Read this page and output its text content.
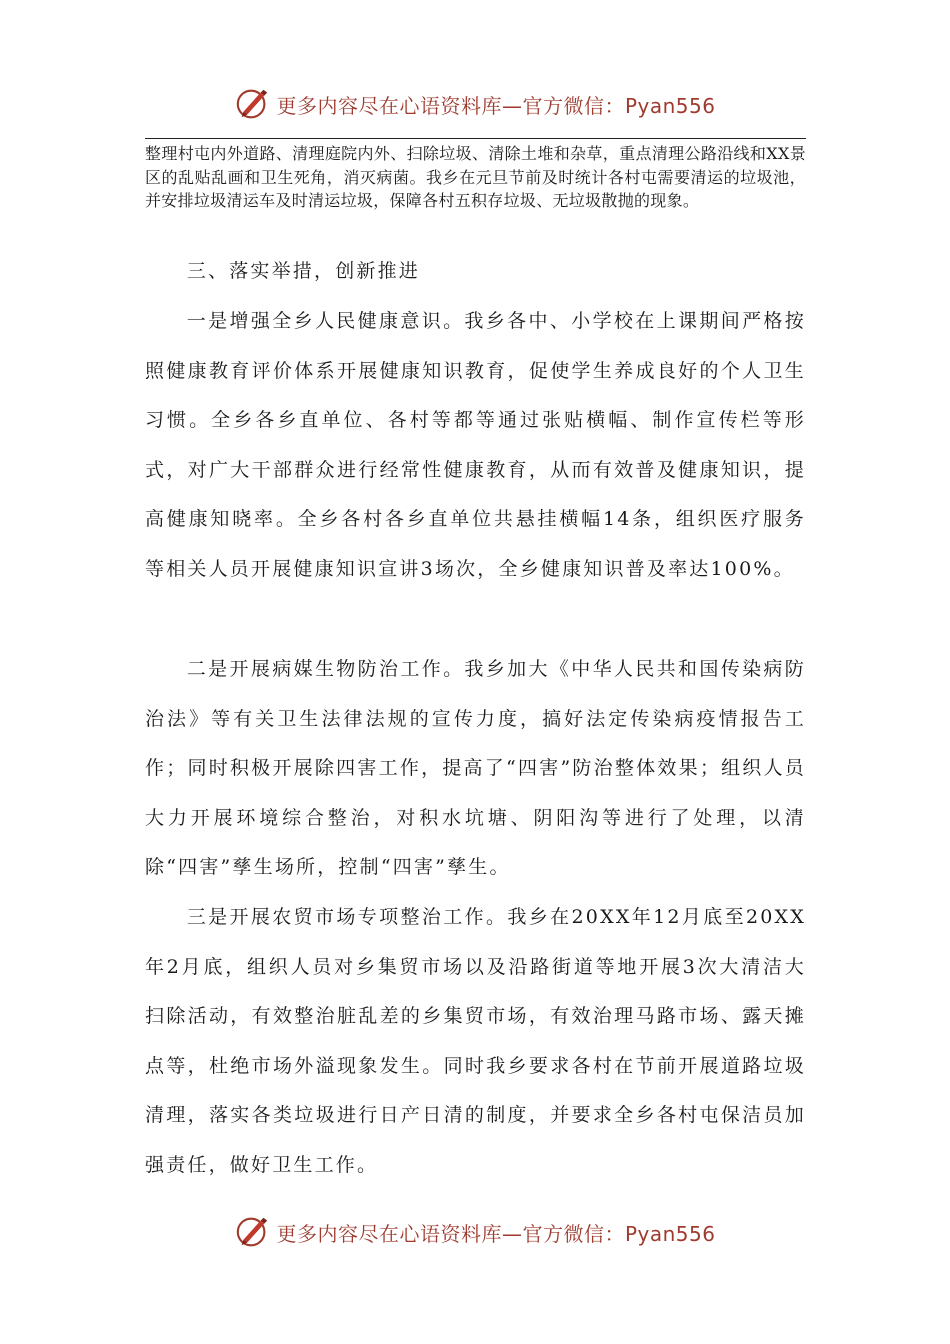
更多内容尽在心语资料库—官方微信：Pyan556

整理村屯内外道路、清理庭院内外、扫除垃圾、清除土堆和杂草，重点清理公路沿线和XX景区的乱贴乱画和卫生死角，消灭病菌。我乡在元旦节前及时统计各村屯需要清运的垃圾池，并安排垃圾清运车及时清运垃圾，保障各村五积存垃圾、无垃圾散抛的现象。

三、落实举措，创新推进

一是增强全乡人民健康意识。我乡各中、小学校在上课期间严格按照健康教育评价体系开展健康知识教育，促使学生养成良好的个人卫生习惯。全乡各乡直单位、各村等都等通过张贴横幅、制作宣传栏等形式，对广大干部群众进行经常性健康教育，从而有效普及健康知识，提高健康知晓率。全乡各村各乡直单位共悬挂横幅14条，组织医疗服务等相关人员开展健康知识宣讲3场次，全乡健康知识普及率达100%。

二是开展病媒生物防治工作。我乡加大《中华人民共和国传染病防治法》等有关卫生法律法规的宣传力度，搞好法定传染病疫情报告工作；同时积极开展除四害工作，提高了“四害”防治整体效果；组织人员大力开展环境综合整治，对积水坑塘、阴阳沟等进行了处理，以清除“四害”孳生场所，控制“四害”孳生。

三是开展农贸市场专项整治工作。我乡在20XX年12月底至20XX年2月底，组织人员对乡集贸市场以及沿路街道等地开展3次大清洁大扫除活动，有效整治脏乱差的乡集贸市场，有效治理马路市场、露天摊点等，杜绝市场外溢现象发生。同时我乡要求各村在节前开展道路垃圾清理，落实各类垃圾进行日产日清的制度，并要求全乡各村屯保洁员加强责任，做好卫生工作。

更多内容尽在心语资料库—官方微信：Pyan556
